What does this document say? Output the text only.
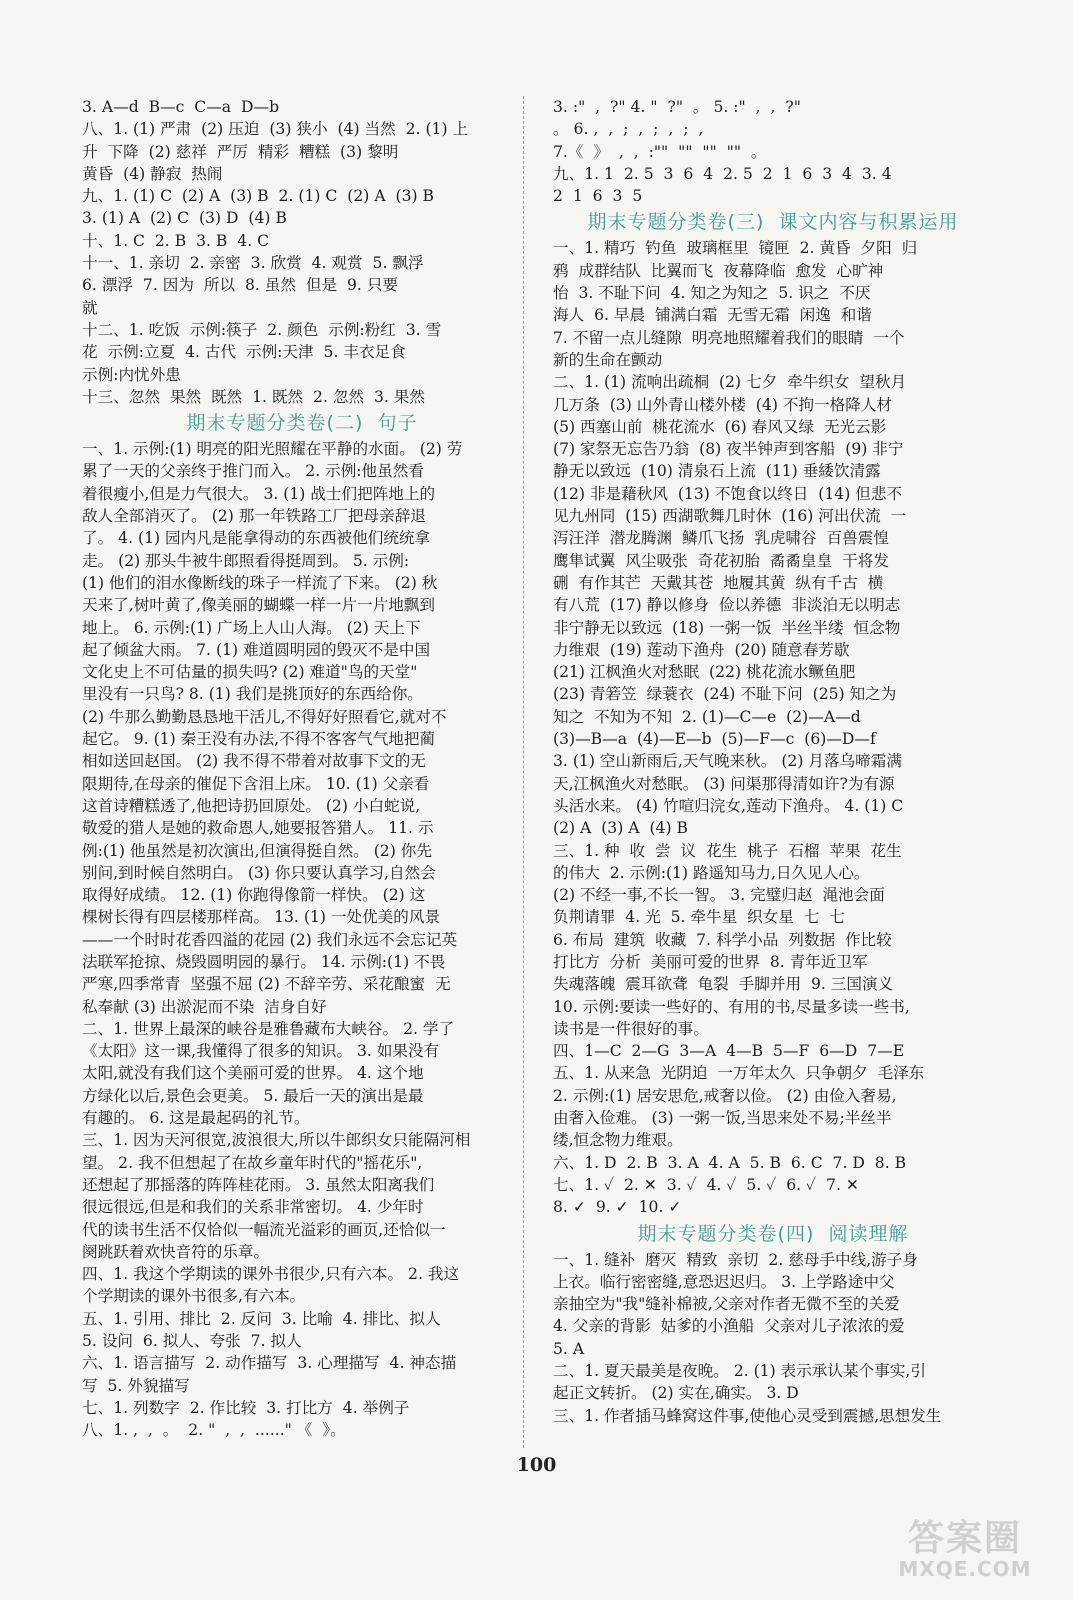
3. A—d  B—c  C—a  D—b
八、1. (1) 严肃  (2) 压迫  (3) 狭小  (4) 当然  2. (1) 上
升  下降  (2) 慈祥  严厉  精彩  糟糕  (3) 黎明
黄昏  (4) 静寂  热闹
九、1. (1) C  (2) A  (3) B  2. (1) C  (2) A  (3) B
3. (1) A  (2) C  (3) D  (4) B
十、1. C  2. B  3. B  4. C
十一、1. 亲切  2. 亲密  3. 欣赏  4. 观赏  5. 飘浮
6. 漂浮  7. 因为  所以  8. 虽然  但是  9. 只要
就
十二、1. 吃饭  示例:筷子  2. 颜色  示例:粉红  3. 雪
花  示例:立夏  4. 古代  示例:天津  5. 丰衣足食
示例:内忧外患
十三、忽然  果然  既然  1. 既然  2. 忽然  3. 果然
期末专题分类卷(二)  句子
一、1. 示例:(1) 明亮的阳光照耀在平静的水面。 (2) 劳
累了一天的父亲终于推门而入。 2. 示例:他虽然看
着很瘦小,但是力气很大。 3. (1) 战士们把阵地上的
敌人全部消灭了。 (2) 那一年铁路工厂把母亲辞退
了。 4. (1) 园内凡是能拿得动的东西被他们统统拿
走。 (2) 那头牛被牛郎照看得挺周到。 5. 示例:
(1) 他们的泪水像断线的珠子一样流了下来。 (2) 秋
天来了,树叶黄了,像美丽的蝴蝶一样一片一片地飘到
地上。 6. 示例:(1) 广场上人山人海。 (2) 天上下
起了倾盆大雨。 7. (1) 难道圆明园的毁灭不是中国
文化史上不可估量的损失吗? (2) 难道"鸟的天堂"
里没有一只鸟? 8. (1) 我们是挑顶好的东西给你。
(2) 牛那么勤勤恳恳地干活儿,不得好好照看它,就对不
起它。 9. (1) 秦王没有办法,不得不客客气气地把蔺
相如送回赵国。 (2) 我不得不带着对故事下文的无
限期待,在母亲的催促下含泪上床。 10. (1) 父亲看
这首诗糟糕透了,他把诗扔回原处。 (2) 小白蛇说,
敬爱的猎人是她的救命恩人,她要报答猎人。 11. 示
例:(1) 他虽然是初次演出,但演得挺自然。 (2) 你先
别问,到时候自然明白。 (3) 你只要认真学习,自然会
取得好成绩。 12. (1) 你跑得像箭一样快。 (2) 这
棵树长得有四层楼那样高。 13. (1) 一处优美的风景
——一个时时花香四溢的花园 (2) 我们永远不会忘记英
法联军抢掠、烧毁圆明园的暴行。 14. 示例:(1) 不畏
严寒,四季常青  坚强不屈 (2) 不辞辛劳、采花酿蜜  无
私奉献 (3) 出淤泥而不染  洁身自好
二、1. 世界上最深的峡谷是雅鲁藏布大峡谷。 2. 学了
《太阳》这一课,我懂得了很多的知识。 3. 如果没有
太阳,就没有我们这个美丽可爱的世界。 4. 这个地
方绿化以后,景色会更美。 5. 最后一天的演出是最
有趣的。 6. 这是最起码的礼节。
三、1. 因为天河很宽,波浪很大,所以牛郎织女只能隔河相
望。 2. 我不但想起了在故乡童年时代的"摇花乐",
还想起了那摇落的阵阵桂花雨。 3. 虽然太阳离我们
很远很远,但是和我们的关系非常密切。 4. 少年时
代的读书生活不仅恰似一幅流光溢彩的画页,还恰似一
阕跳跃着欢快音符的乐章。
四、1. 我这个学期读的课外书很少,只有六本。 2. 我这
个学期读的课外书很多,有六本。
五、1. 引用、排比  2. 反问  3. 比喻  4. 排比、拟人
5. 设问  6. 拟人、夸张  7. 拟人
六、1. 语言描写  2. 动作描写  3. 心理描写  4. 神态描
写  5. 外貌描写
七、1. 列数字  2. 作比较  3. 打比方  4. 举例子
八、1. ,  ,  。  2. "  ,  ,  ......" 《  》。
3. :"  ,  ?" 4. "  ?"  。 5. :"  ,  ,  ?"
。 6. ,  ,  ;  ,  ;  ,  ;  ,
7.《  》  ,  ,  :""  ""  ""  ""  。
九、1. 1  2. 5  3  6  4  2. 5  2  1  6  3  4  3. 4
2  1  6  3  5
期末专题分类卷(三)  课文内容与积累运用
一、1. 精巧  钓鱼  玻璃框里  镜匣  2. 黄昏  夕阳  归
鸦  成群结队  比翼而飞  夜幕降临  愈发  心旷神
怡  3. 不耻下问  4. 知之为知之  5. 识之  不厌
海人  6. 早晨  铺满白霜  无雪无霜  闲逸  和谐
7. 不留一点儿缝隙  明亮地照耀着我们的眼睛  一个
新的生命在颤动
二、1. (1) 流响出疏桐  (2) 七夕  牵牛织女  望秋月
几万条  (3) 山外青山楼外楼  (4) 不拘一格降人材
(5) 西塞山前  桃花流水  (6) 春风又绿  无光云影
(7) 家祭无忘告乃翁  (8) 夜半钟声到客船  (9) 非宁
静无以致远  (10) 清泉石上流  (11) 垂緌饮清露
(12) 非是藉秋风  (13) 不饱食以终日  (14) 但悲不
见九州同  (15) 西湖歌舞几时休  (16) 河出伏流  一
泻汪洋  潜龙腾渊  鳞爪飞扬  乳虎啸谷  百兽震惶
鹰隼试翼  风尘吸张  奇花初胎  矞矞皇皇  干将发
硎  有作其芒  天戴其苍  地履其黄  纵有千古  横
有八荒  (17) 静以修身  俭以养德  非淡泊无以明志
非宁静无以致远  (18) 一粥一饭  半丝半缕  恒念物
力维艰  (19) 莲动下渔舟  (20) 随意春芳歇
(21) 江枫渔火对愁眠  (22) 桃花流水鳜鱼肥
(23) 青箬笠  绿蓑衣  (24) 不耻下问  (25) 知之为
知之  不知为不知  2. (1)—C—e  (2)—A—d
(3)—B—a  (4)—E—b  (5)—F—c  (6)—D—f
3. (1) 空山新雨后,天气晚来秋。 (2) 月落乌啼霜满
天,江枫渔火对愁眠。 (3) 问渠那得清如许?为有源
头活水来。 (4) 竹喧归浣女,莲动下渔舟。 4. (1) C
(2) A  (3) A  (4) B
三、1. 种  收  尝  议  花生  桃子  石榴  苹果  花生
的伟大  2. 示例:(1) 路遥知马力,日久见人心。
(2) 不经一事,不长一智。 3. 完璧归赵  渑池会面
负荆请罪  4. 光  5. 牵牛星  织女星  七  七
6. 布局  建筑  收藏  7. 科学小品  列数据  作比较
打比方  分析  美丽可爱的世界  8. 青年近卫军
失魂落魄  震耳欲聋  龟裂  手脚并用  9. 三国演义
10. 示例:要读一些好的、有用的书,尽量多读一些书,
读书是一件很好的事。
四、1—C  2—G  3—A  4—B  5—F  6—D  7—E
五、1. 从来急  光阴迫  一万年太久  只争朝夕  毛泽东
2. 示例:(1) 居安思危,戒奢以俭。 (2) 由俭入奢易,
由奢入俭难。 (3) 一粥一饭,当思来处不易;半丝半
缕,恒念物力维艰。
六、1. D  2. B  3. A  4. A  5. B  6. C  7. D  8. B
七、1. ✓  2. ✕  3. ✓  4. ✓  5. ✓  6. ✓  7. ✕
8. ✓  9. ✓  10. ✓
期末专题分类卷(四)  阅读理解
一、1. 缝补  磨灭  精致  亲切  2. 慈母手中线,游子身
上衣。临行密密缝,意恐迟迟归。 3. 上学路途中父
亲抽空为"我"缝补棉被,父亲对作者无微不至的关爱
4. 父亲的背影  姑爹的小渔船  父亲对儿子浓浓的爱
5. A
二、1. 夏天最美是夜晚。 2. (1) 表示承认某个事实,引
起正文转折。 (2) 实在,确实。 3. D
三、1. 作者插马蜂窝这件事,使他心灵受到震撼,思想发生
100
答案圈
MXQE.COM
